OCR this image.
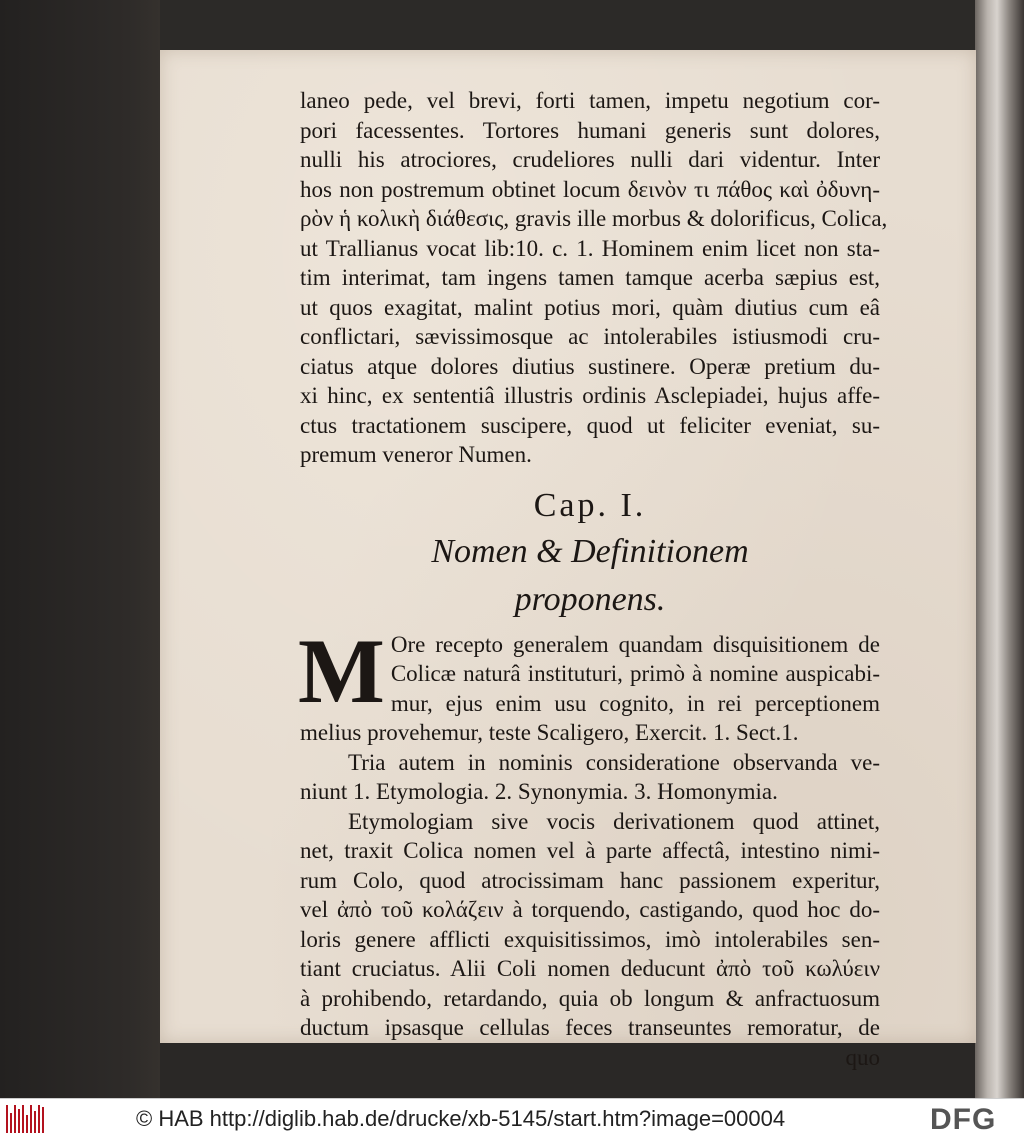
laneo pede, vel brevi, forti tamen, impetu negotium cor-
pori facessentes. Tortores humani generis sunt dolores,
nulli his atrociores, crudeliores nulli dari videntur. Inter
hos non postremum obtinet locum δεινὸν τι πάθος καὶ ὀδυνη-
ρὸν ἡ κολικὴ διάθεσις, gravis ille morbus & dolorificus, Colica,
ut Trallianus vocat lib:10. c. 1. Hominem enim licet non sta-
tim interimat, tam ingens tamen tamque acerba sæpius est,
ut quos exagitat, malint potius mori, quàm diutius cum eâ
conflictari, sævissimosque ac intolerabiles istiusmodi cru-
ciatus atque dolores diutius sustinere. Operæ pretium du-
xi hinc, ex sententiâ illustris ordinis Asclepiadei, hujus affe-
ctus tractationem suscipere, quod ut feliciter eveniat, su-
premum veneror Numen.
Cap. I.
Nomen & Definitionem
proponens.
M Ore recepto generalem quandam disquisitionem de
Colicæ naturâ instituturi, primò à nomine auspicabi-
mur, ejus enim usu cognito, in rei perceptionem
melius provehemur, teste Scaligero, Exercit. 1. Sect.1.
Tria autem in nominis consideratione observanda ve-
niunt 1. Etymologia. 2. Synonymia. 3. Homonymia.
Etymologiam sive vocis derivationem quod attinet,
net, traxit Colica nomen vel à parte affectâ, intestino nimi-
rum Colo, quod atrocissimam hanc passionem experitur,
vel ἀπὸ τοῦ κολάζειν à torquendo, castigando, quod hoc do-
loris genere afflicti exquisitissimos, imò intolerabiles sen-
tiant cruciatus. Alii Coli nomen deducunt ἀπὸ τοῦ κωλύειν
à prohibendo, retardando, quia ob longum & anfractuosum
ductum ipsasque cellulas feces transeuntes remoratur, de
quo
© HAB http://diglib.hab.de/drucke/xb-5145/start.htm?image=00004	DFG
